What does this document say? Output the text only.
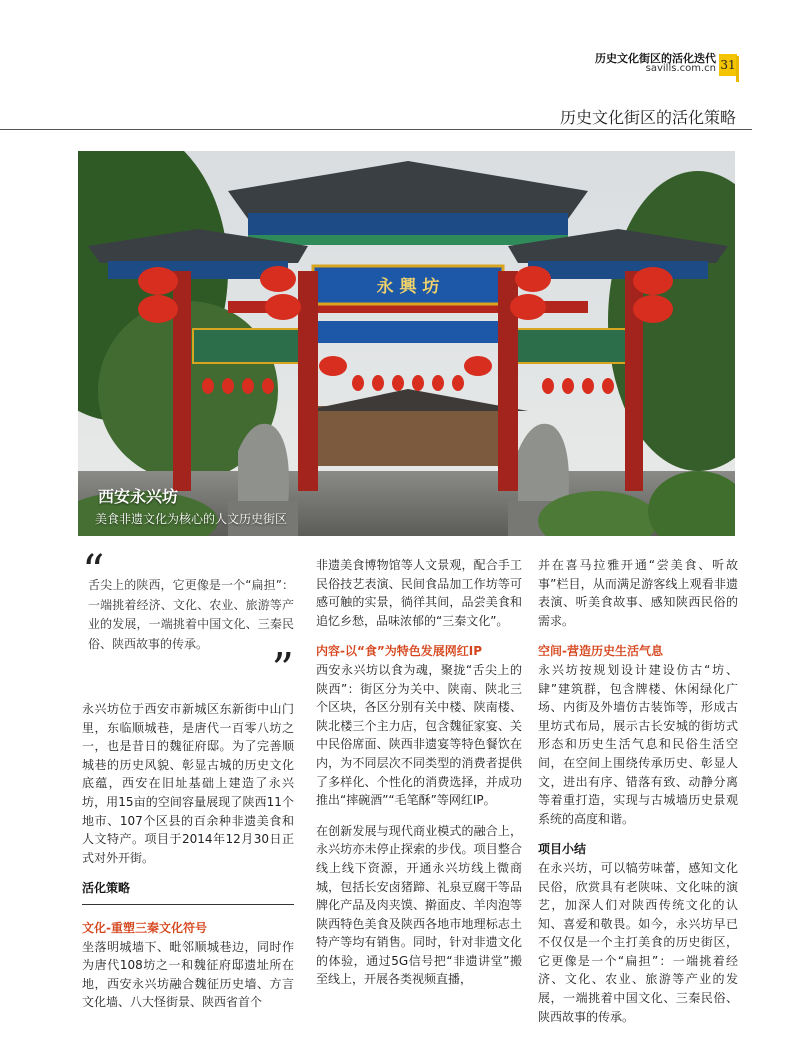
历史文化街区的活化迭代
savills.com.cn 31
历史文化街区的活化策略
永 興 坊
西安永兴坊
美食非遗文化为核心的人文历史街区
“
舌尖上的陕西，它更像是一个“扁担”：一端挑着经济、文化、农业、旅游等产业的发展，一端挑着中国文化、三秦民俗、陕西故事的传承。
”

永兴坊位于西安市新城区东新街中山门里，东临顺城巷，是唐代一百零八坊之一，也是昔日的魏征府邸。为了完善顺城巷的历史风貌、彰显古城的历史文化底蕴，西安在旧址基础上建造了永兴坊，用15亩的空间容量展现了陕西11个地市、107个区县的百余种非遗美食和人文特产。项目于2014年12月30日正式对外开街。

活化策略
文化-重塑三秦文化符号
坐落明城墙下、毗邻顺城巷边，同时作为唐代108坊之一和魏征府邸遗址所在地，西安永兴坊融合魏征历史墙、方言文化墙、八大怪街景、陕西省首个

非遗美食博物馆等人文景观，配合手工民俗技艺表演、民间食品加工作坊等可感可触的实景，徜徉其间，品尝美食和追忆乡愁，品味浓郁的“三秦文化”。

内容-以“食”为特色发展网红IP

西安永兴坊以食为魂，聚拢“舌尖上的陕西”：街区分为关中、陕南、陕北三个区块，各区分别有关中楼、陕南楼、陕北楼三个主力店，包含魏征家宴、关中民俗席面、陕西非遗宴等特色餐饮在内，为不同层次不同类型的消费者提供了多样化、个性化的消费选择，并成功推出“摔碗酒”“毛笔酥”等网红IP。

在创新发展与现代商业模式的融合上，永兴坊亦未停止探索的步伐。项目整合线上线下资源，开通永兴坊线上微商城，包括长安卤猪蹄、礼泉豆腐干等品牌化产品及肉夹馍、擀面皮、羊肉泡等陕西特色美食及陕西各地市地理标志土特产等均有销售。同时，针对非遗文化的体验，通过5G信号把“非遗讲堂”搬至线上，开展各类视频直播，

并在喜马拉雅开通“尝美食、听故事”栏目，从而满足游客线上观看非遗表演、听美食故事、感知陕西民俗的需求。

空间-营造历史生活气息

永兴坊按规划设计建设仿古“坊、肆”建筑群，包含牌楼、休闲绿化广场、内街及外墙仿古装饰等，形成古里坊式布局，展示古长安城的街坊式形态和历史生活气息和民俗生活空间，在空间上围绕传承历史、彰显人文，进出有序、错落有致、动静分离等着重打造，实现与古城墙历史景观系统的高度和谐。

项目小结
在永兴坊，可以犒劳味蕾，感知文化民俗，欣赏具有老陕味、文化味的演艺，加深人们对陕西传统文化的认知、喜爱和敬畏。如今，永兴坊早已不仅仅是一个主打美食的历史街区，它更像是一个“扁担”：一端挑着经济、文化、农业、旅游等产业的发展，一端挑着中国文化、三秦民俗、陕西故事的传承。
